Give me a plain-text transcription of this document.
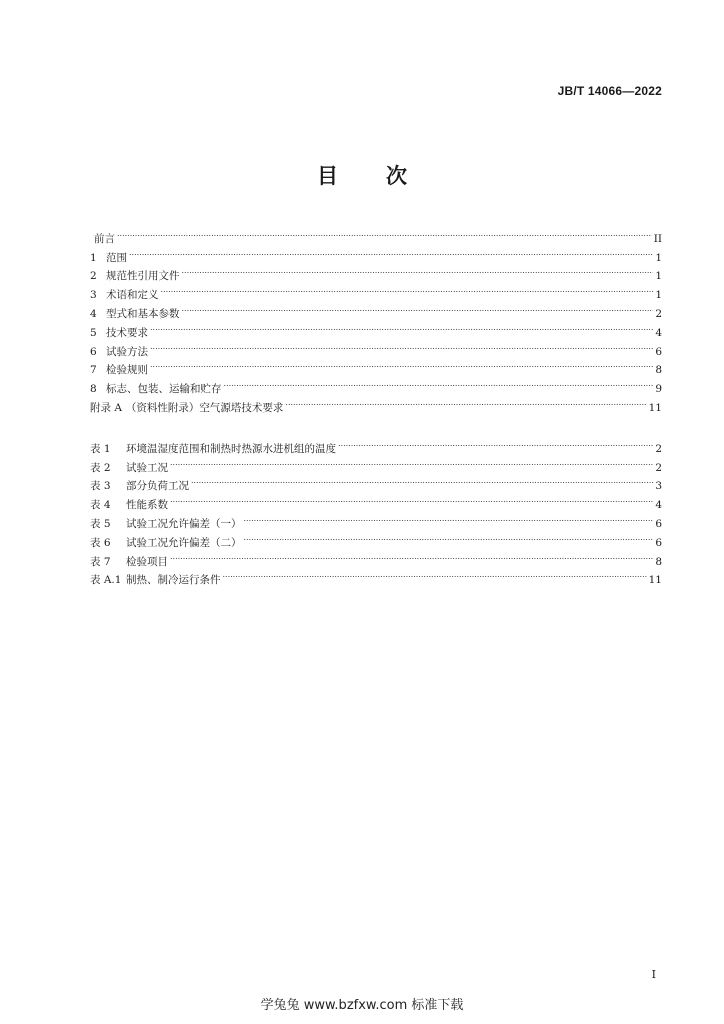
JB/T 14066—2022
目 次
前言 .....	II
1 范围 .....	1
2 规范性引用文件 .....	1
3 术语和定义 .....	1
4 型式和基本参数 .....	2
5 技术要求 .....	4
6 试验方法 .....	6
7 检验规则 .....	8
8 标志、包装、运输和贮存 .....	9
附录 A （资料性附录）空气源塔技术要求 .....	11
表 1	环境温湿度范围和制热时热源水进机组的温度 .....	2
表 2	试验工况 .....	2
表 3	部分负荷工况 .....	3
表 4	性能系数 .....	4
表 5	试验工况允许偏差（一） .....	6
表 6	试验工况允许偏差（二） .....	6
表 7	检验项目 .....	8
表 A.1 制热、制冷运行条件 .....	11
I
学兔兔 www.bzfxw.com 标准下载
